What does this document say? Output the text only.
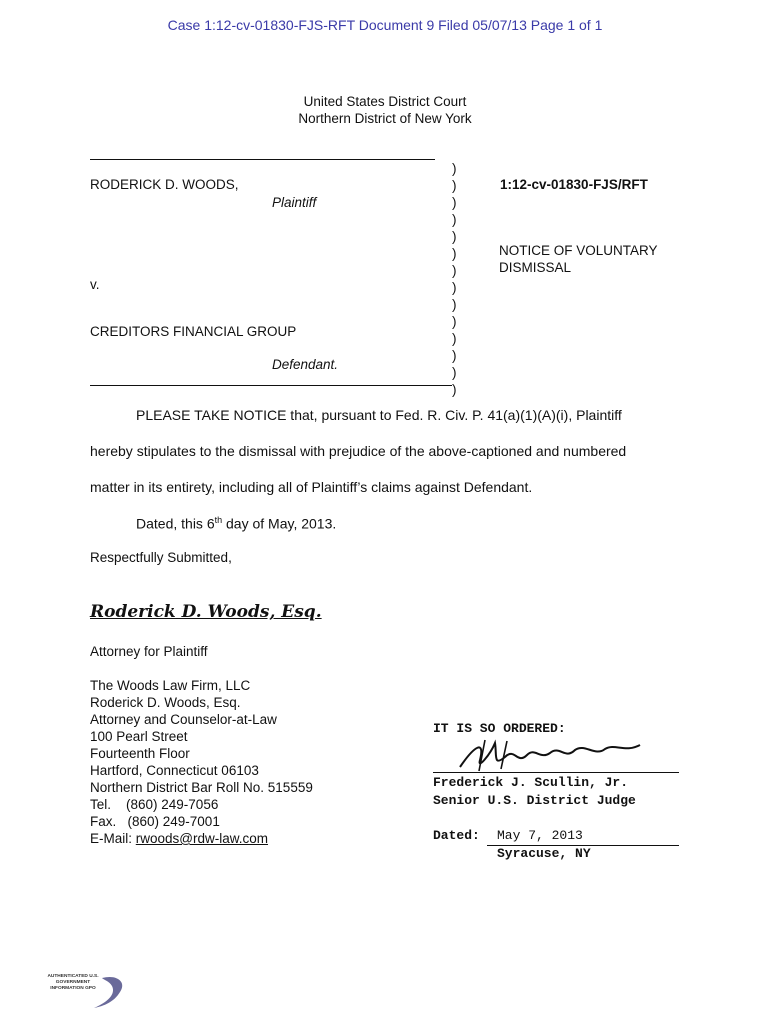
Case 1:12-cv-01830-FJS-RFT Document 9 Filed 05/07/13 Page 1 of 1
United States District Court
Northern District of New York
RODERICK D. WOODS,
Plaintiff
v.
CREDITORS FINANCIAL GROUP
Defendant.
)
)
)
)
)
)
)
)
)
)
)
)
)
)
1:12-cv-01830-FJS/RFT
NOTICE OF VOLUNTARY
DISMISSAL
PLEASE TAKE NOTICE that, pursuant to Fed. R. Civ. P. 41(a)(1)(A)(i), Plaintiff
hereby stipulates to the dismissal with prejudice of the above-captioned and numbered
matter in its entirety, including all of Plaintiff’s claims against Defendant.
Dated, this 6th day of May, 2013.
Respectfully Submitted,
Roderick D. Woods, Esq.
Attorney for Plaintiff
The Woods Law Firm, LLC
Roderick D. Woods, Esq.
Attorney and Counselor-at-Law
100 Pearl Street
Fourteenth Floor
Hartford, Connecticut 06103
Northern District Bar Roll No. 515559
Tel.    (860) 249-7056
Fax.   (860) 249-7001
E-Mail: rwoods@rdw-law.com
IT IS SO ORDERED:
Frederick J. Scullin, Jr.
Senior U.S. District Judge
Dated: May 7, 2013
Syracuse, NY
AUTHENTICATED U.S. GOVERNMENT INFORMATION GPO
